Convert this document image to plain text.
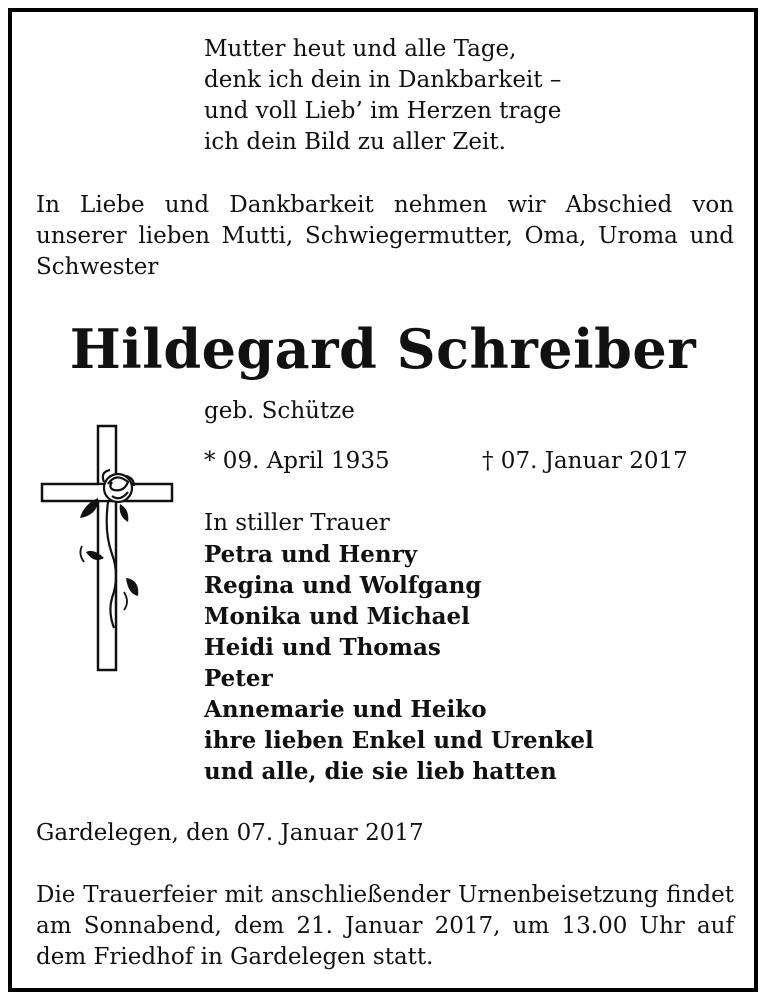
Mutter heut und alle Tage,
denk ich dein in Dankbarkeit –
und voll Lieb’ im Herzen trage
ich dein Bild zu aller Zeit.
In Liebe und Dankbarkeit nehmen wir Abschied von unserer lieben Mutti, Schwiegermutter, Oma, Uroma und Schwester
Hildegard Schreiber
geb. Schütze
* 09. April 1935	† 07. Januar 2017
In stiller Trauer
Petra und Henry
Regina und Wolfgang
Monika und Michael
Heidi und Thomas
Peter
Annemarie und Heiko
ihre lieben Enkel und Urenkel
und alle, die sie lieb hatten
Gardelegen, den 07. Januar 2017
Die Trauerfeier mit anschließender Urnenbeisetzung findet am Sonnabend, dem 21. Januar 2017, um 13.00 Uhr auf dem Friedhof in Gardelegen statt.
